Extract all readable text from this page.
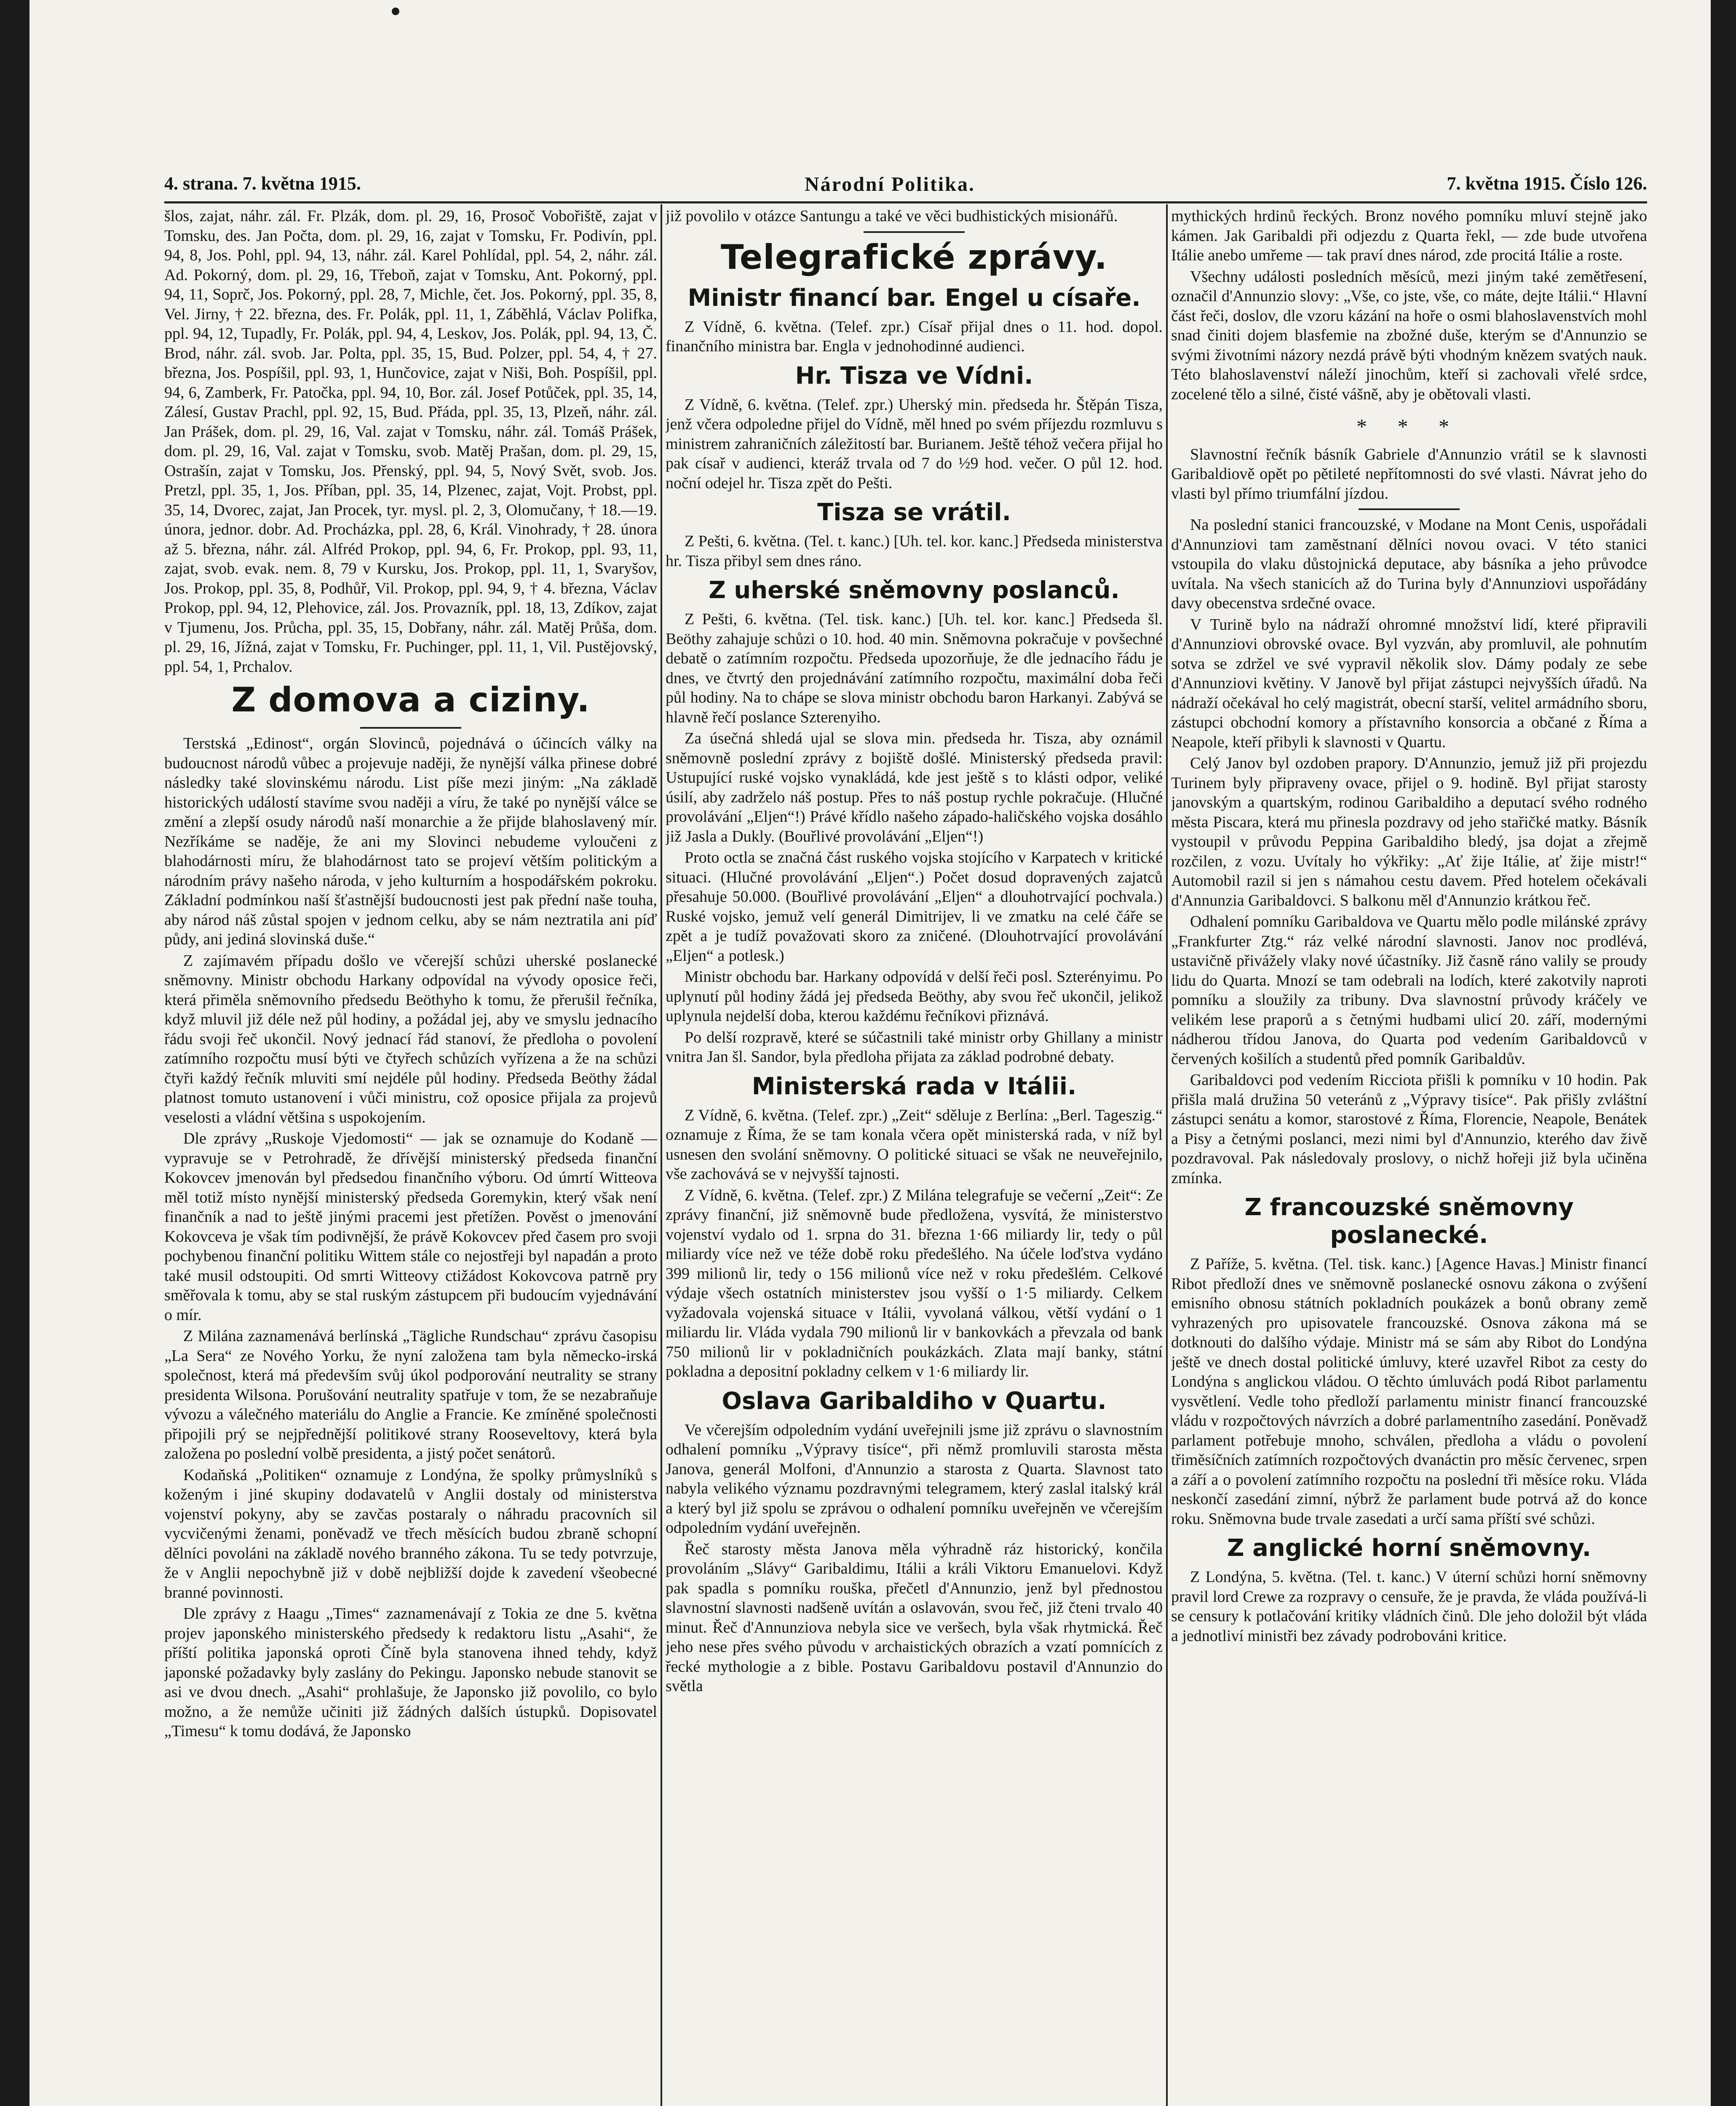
4. strana. 7. května 1915.	Národní Politika.	7. května 1915. Číslo 126.

šlos, zajat, náhr. zál. Fr. Plzák, dom. pl. 29, 16, Prosoč Vobořiště, zajat v Tomsku, des. Jan Počta, dom. pl. 29, 16, zajat v Tomsku, Fr. Podivín, ppl. 94, 8, Jos. Pohl, ppl. 94, 13, náhr. zál. Karel Pohlídal, ppl. 54, 2, náhr. zál. Ad. Pokorný, dom. pl. 29, 16, Třeboň, zajat v Tomsku, Ant. Pokorný, ppl. 94, 11, Soprč, Jos. Pokorný, ppl. 28, 7, Michle, čet. Jos. Pokorný, ppl. 35, 8, Vel. Jirny, † 22. března, des. Fr. Polák, ppl. 11, 1, Záběhlá, Václav Polifka, ppl. 94, 12, Tupadly, Fr. Polák, ppl. 94, 4, Leskov, Jos. Polák, ppl. 94, 13, Č. Brod, náhr. zál. svob. Jar. Polta, ppl. 35, 15, Bud. Polzer, ppl. 54, 4, † 27. března, Jos. Pospíšil, ppl. 93, 1, Hunčovice, zajat v Niši, Boh. Pospíšil, ppl. 94, 6, Zamberk, Fr. Patočka, ppl. 94, 10, Bor. zál. Josef Potůček, ppl. 35, 14, Zálesí, Gustav Prachl, ppl. 92, 15, Bud. Přáda, ppl. 35, 13, Plzeň, náhr. zál. Jan Prášek, dom. pl. 29, 16, Val. zajat v Tomsku, náhr. zál. Tomáš Prášek, dom. pl. 29, 16, Val. zajat v Tomsku, svob. Matěj Prašan, dom. pl. 29, 15, Ostrašín, zajat v Tomsku, Jos. Přenský, ppl. 94, 5, Nový Svět, svob. Jos. Pretzl, ppl. 35, 1, Jos. Příban, ppl. 35, 14, Plzenec, zajat, Vojt. Probst, ppl. 35, 14, Dvorec, zajat, Jan Procek, tyr. mysl. pl. 2, 3, Olomučany, † 18.—19. února, jednor. dobr. Ad. Procházka, ppl. 28, 6, Král. Vinohrady, † 28. února až 5. března, náhr. zál. Alfréd Prokop, ppl. 94, 6, Fr. Prokop, ppl. 93, 11, zajat, svob. evak. nem. 8, 79 v Kursku, Jos. Prokop, ppl. 11, 1, Svaryšov, Jos. Prokop, ppl. 35, 8, Podhůř, Vil. Prokop, ppl. 94, 9, † 4. března, Václav Prokop, ppl. 94, 12, Plehovice, zál. Jos. Provazník, ppl. 18, 13, Zdíkov, zajat v Tjumenu, Jos. Průcha, ppl. 35, 15, Dobřany, náhr. zál. Matěj Průša, dom. pl. 29, 16, Jížná, zajat v Tomsku, Fr. Puchinger, ppl. 11, 1, Vil. Pustějovský, ppl. 54, 1, Prchalov.

Z domova a ciziny.

Terstská „Edinost“, orgán Slovinců, pojednává o účincích války na budoucnost národů vůbec a projevuje naději, že nynější válka přinese dobré následky také slovinskému národu. List píše mezi jiným: „Na základě historických událostí stavíme svou naději a víru, že také po nynější válce se změní a zlepší osudy národů naší monarchie a že přijde blahoslavený mír. Nezříkáme se naděje, že ani my Slovinci nebudeme vyloučeni z blahodárnosti míru, že blahodárnost tato se projeví větším politickým a národním právy našeho národa, v jeho kulturním a hospodářském pokroku. Základní podmínkou naší šťastnější budoucnosti jest pak přední naše touha, aby národ náš zůstal spojen v jednom celku, aby se nám neztratila ani píď půdy, ani jediná slovinská duše.“

Z zajímavém případu došlo ve včerejší schůzi uherské poslanecké sněmovny. Ministr obchodu Harkany odpovídal na vývody oposice řeči, která přiměla sněmovního předsedu Beöthyho k tomu, že přerušil řečníka, když mluvil již déle než půl hodiny, a požádal jej, aby ve smyslu jednacího řádu svoji řeč ukončil. Nový jednací řád stanoví, že předloha o povolení zatímního rozpočtu musí býti ve čtyřech schůzích vyřízena a že na schůzi čtyři každý řečník mluviti smí nejdéle půl hodiny. Předseda Beöthy žádal platnost tomuto ustanovení i vůči ministru, což oposice přijala za projevů veselosti a vládní většina s uspokojením.

Dle zprávy „Ruskoje Vjedomosti“ — jak se oznamuje do Kodaně — vypravuje se v Petrohradě, že dřívější ministerský předseda finanční Kokovcev jmenován byl předsedou finančního výboru. Od úmrtí Witteova měl totiž místo nynější ministerský předseda Goremykin, který však není finančník a nad to ještě jinými pracemi jest přetížen. Pověst o jmenování Kokovceva je však tím podivnější, že právě Kokovcev před časem pro svoji pochybenou finanční politiku Wittem stále co nejostřeji byl napadán a proto také musil odstoupiti. Od smrti Witteovy ctižádost Kokovcova patrně pry směřovala k tomu, aby se stal ruským zástupcem při budoucím vyjednávání o mír.

Z Milána zaznamenává berlínská „Tägliche Rundschau“ zprávu časopisu „La Sera“ ze Nového Yorku, že nyní založena tam byla německo-irská společnost, která má především svůj úkol podporování neutrality se strany presidenta Wilsona. Porušování neutrality spatřuje v tom, že se nezabraňuje vývozu a válečného materiálu do Anglie a Francie. Ke zmíněné společnosti připojili prý se nejpřednější politikové strany Rooseveltovy, která byla založena po poslední volbě presidenta, a jistý počet senátorů.

Kodaňská „Politiken“ oznamuje z Londýna, že spolky průmyslníků s koženým i jiné skupiny dodavatelů v Anglii dostaly od ministerstva vojenství pokyny, aby se zavčas postaraly o náhradu pracovních sil vycvičenými ženami, poněvadž ve třech měsících budou zbraně schopní dělníci povoláni na základě nového branného zákona. Tu se tedy potvrzuje, že v Anglii nepochybně již v době nejbližší dojde k zavedení všeobecné branné povinnosti.

Dle zprávy z Haagu „Times“ zaznamenávají z Tokia ze dne 5. května projev japonského ministerského předsedy k redaktoru listu „Asahi“, že příští politika japonská oproti Číně byla stanovena ihned tehdy, když japonské požadavky byly zaslány do Pekingu. Japonsko nebude stanovit se asi ve dvou dnech. „Asahi“ prohlašuje, že Japonsko již povolilo, co bylo možno, a že nemůže učiniti již žádných dalších ústupků. Dopisovatel „Timesu“ k tomu dodává, že Japonsko

již povolilo v otázce Santungu a také ve věci budhistických misionářů.

Telegrafické zprávy.
Ministr financí bar. Engel u císaře.

Z Vídně, 6. května. (Telef. zpr.) Císař přijal dnes o 11. hod. dopol. finančního ministra bar. Engla v jednohodinné audienci.

Hr. Tisza ve Vídni.

Z Vídně, 6. května. (Telef. zpr.) Uherský min. předseda hr. Štěpán Tisza, jenž včera odpoledne přijel do Vídně, měl hned po svém příjezdu rozmluvu s ministrem zahraničních záležitostí bar. Burianem. Ještě téhož večera přijal ho pak císař v audienci, kteráž trvala od 7 do ½9 hod. večer. O půl 12. hod. noční odejel hr. Tisza zpět do Pešti.

Tisza se vrátil.

Z Pešti, 6. května. (Tel. t. kanc.) [Uh. tel. kor. kanc.] Předseda ministerstva hr. Tisza přibyl sem dnes ráno.

Z uherské sněmovny poslanců.

Z Pešti, 6. května. (Tel. tisk. kanc.) [Uh. tel. kor. kanc.] Předseda šl. Beöthy zahajuje schůzi o 10. hod. 40 min. Sněmovna pokračuje v povšechné debatě o zatímním rozpočtu. Předseda upozorňuje, že dle jednacího řádu je dnes, ve čtvrtý den projednávání zatímního rozpočtu, maximální doba řeči půl hodiny. Na to chápe se slova ministr obchodu baron Harkanyi. Zabývá se hlavně řečí poslance Szterenyiho.

Za úsečná shledá ujal se slova min. předseda hr. Tisza, aby oznámil sněmovně poslední zprávy z bojiště došlé. Ministerský předseda pravil: Ustupující ruské vojsko vynakládá, kde jest ještě s to klásti odpor, veliké úsilí, aby zadrželo náš postup. Přes to náš postup rychle pokračuje. (Hlučné provolávání „Eljen“!) Právé křídlo našeho západo-haličského vojska dosáhlo již Jasla a Dukly. (Bouřlivé provolávání „Eljen“!)

Proto octla se značná část ruského vojska stojícího v Karpatech v kritické situaci. (Hlučné provolávání „Eljen“.) Počet dosud dopravených zajatců přesahuje 50.000. (Bouřlivé provolávání „Eljen“ a dlouhotrvající pochvala.) Ruské vojsko, jemuž velí generál Dimitrijev, li ve zmatku na celé čáře se zpět a je tudíž považovati skoro za zničené. (Dlouhotrvající provolávání „Eljen“ a potlesk.)

Ministr obchodu bar. Harkany odpovídá v delší řeči posl. Szterényimu. Po uplynutí půl hodiny žádá jej předseda Beöthy, aby svou řeč ukončil, jelikož uplynula nejdelší doba, kterou každému řečníkovi přiznává.

Po delší rozpravě, které se súčastnili také ministr orby Ghillany a ministr vnitra Jan šl. Sandor, byla předloha přijata za základ podrobné debaty.

Ministerská rada v Itálii.

Z Vídně, 6. května. (Telef. zpr.) „Zeit“ sděluje z Berlína: „Berl. Tageszig.“ oznamuje z Říma, že se tam konala včera opět ministerská rada, v níž byl usnesen den svolání sněmovny. O politické situaci se však ne neuveřejnilo, vše zachovává se v nejvyšší tajnosti.

Z Vídně, 6. května. (Telef. zpr.) Z Milána telegrafuje se večerní „Zeit“: Ze zprávy finanční, již sněmovně bude předložena, vysvítá, že ministerstvo vojenství vydalo od 1. srpna do 31. března 1·66 miliardy lir, tedy o půl miliardy více než ve téže době roku předešlého. Na účele loďstva vydáno 399 milionů lir, tedy o 156 milionů více než v roku předešlém. Celkové výdaje všech ostatních ministerstev jsou vyšší o 1·5 miliardy. Celkem vyžadovala vojenská situace v Itálii, vyvolaná válkou, větší vydání o 1 miliardu lir. Vláda vydala 790 milionů lir v bankovkách a převzala od bank 750 milionů lir v pokladničních poukázkách. Zlata mají banky, státní pokladna a depositní pokladny celkem v 1·6 miliardy lir.

Oslava Garibaldiho v Quartu.

Ve včerejším odpoledním vydání uveřejnili jsme již zprávu o slavnostním odhalení pomníku „Výpravy tisíce“, při němž promluvili starosta města Janova, generál Molfoni, d'Annunzio a starosta z Quarta. Slavnost tato nabyla velikého významu pozdravnými telegramem, který zaslal italský král a který byl již spolu se zprávou o odhalení pomníku uveřejněn ve včerejším odpoledním vydání uveřejněn.

Řeč starosty města Janova měla výhradně ráz historický, končila provoláním „Slávy“ Garibaldimu, Itálii a králi Viktoru Emanuelovi. Když pak spadla s pomníku rouška, přečetl d'Annunzio, jenž byl přednostou slavnostní slavnosti nadšeně uvítán a oslavován, svou řeč, již čteni trvalo 40 minut. Řeč d'Annunziova nebyla sice ve veršech, byla však rhytmická. Řeč jeho nese přes svého původu v archaistických obrazích a vzatí pomnících z řecké mythologie a z bible. Postavu Garibaldovu postavil d'Annunzio do světla

mythických hrdinů řeckých. Bronz nového pomníku mluví stejně jako kámen. Jak Garibaldi při odjezdu z Quarta řekl, — zde bude utvořena Itálie anebo umřeme — tak praví dnes národ, zde procitá Itálie a roste.

Všechny události posledních měsíců, mezi jiným také zemětřesení, označil d'Annunzio slovy: „Vše, co jste, vše, co máte, dejte Itálii.“ Hlavní část řeči, doslov, dle vzoru kázání na hoře o osmi blahoslavenstvích mohl snad činiti dojem blasfemie na zbožné duše, kterým se d'Annunzio se svými životními názory nezdá právě býti vhodným knězem svatých nauk. Této blahoslavenství náleží jinochům, kteří si zachovali vřelé srdce, zocelené tělo a silné, čisté vášně, aby je obětovali vlasti.

* * *

Slavnostní řečník básník Gabriele d'Annunzio vrátil se k slavnosti Garibaldiově opět po pětileté nepřítomnosti do své vlasti. Návrat jeho do vlasti byl přímo triumfální jízdou.

Na poslední stanici francouzské, v Modane na Mont Cenis, uspořádali d'Annunziovi tam zaměstnaní dělníci novou ovaci. V této stanici vstoupila do vlaku důstojnická deputace, aby básníka a jeho průvodce uvítala. Na všech stanicích až do Turina byly d'Annunziovi uspořádány davy obecenstva srdečné ovace.

V Turině bylo na nádraží ohromné množství lidí, které připravili d'Annunziovi obrovské ovace. Byl vyzván, aby promluvil, ale pohnutím sotva se zdržel ve své vypravil několik slov. Dámy podaly ze sebe d'Annunziovi květiny. V Janově byl přijat zástupci nejvyšších úřadů. Na nádraží očekával ho celý magistrát, obecní starší, velitel armádního sboru, zástupci obchodní komory a přístavního konsorcia a občané z Říma a Neapole, kteří přibyli k slavnosti v Quartu.

Celý Janov byl ozdoben prapory. D'Annunzio, jemuž již při projezdu Turinem byly připraveny ovace, přijel o 9. hodině. Byl přijat starosty janovským a quartským, rodinou Garibaldiho a deputací svého rodného města Piscara, která mu přinesla pozdravy od jeho stařičké matky. Básník vystoupil v průvodu Peppina Garibaldiho bledý, jsa dojat a zřejmě rozčilen, z vozu. Uvítaly ho výkřiky: „Ať žije Itálie, ať žije mistr!“ Automobil razil si jen s námahou cestu davem. Před hotelem očekávali d'Annunzia Garibaldovci. S balkonu měl d'Annunzio krátkou řeč.

Odhalení pomníku Garibaldova ve Quartu mělo podle milánské zprávy „Frankfurter Ztg.“ ráz velké národní slavnosti. Janov noc prodlévá, ustavičně přivážely vlaky nové účastníky. Již časně ráno valily se proudy lidu do Quarta. Mnozí se tam odebrali na lodích, které zakotvily naproti pomníku a sloužily za tribuny. Dva slavnostní průvody kráčely ve velikém lese praporů a s četnými hudbami ulicí 20. září, modernými nádherou třídou Janova, do Quarta pod vedením Garibaldovců v červených košilích a studentů před pomník Garibaldův.

Garibaldovci pod vedením Ricciota přišli k pomníku v 10 hodin. Pak přišla malá družina 50 veteránů z „Výpravy tisíce“. Pak přišly zvláštní zástupci senátu a komor, starostové z Říma, Florencie, Neapole, Benátek a Pisy a četnými poslanci, mezi nimi byl d'Annunzio, kterého dav živě pozdravoval. Pak následovaly proslovy, o nichž hořeji již byla učiněna zmínka.

Z francouzské sněmovny poslanecké.

Z Paříže, 5. května. (Tel. tisk. kanc.) [Agence Havas.] Ministr financí Ribot předloží dnes ve sněmovně poslanecké osnovu zákona o zvýšení emisního obnosu státních pokladních poukázek a bonů obrany země vyhrazených pro upisovatele francouzské. Osnova zákona má se dotknouti do dalšího výdaje. Ministr má se sám aby Ribot do Londýna ještě ve dnech dostal politické úmluvy, které uzavřel Ribot za cesty do Londýna s anglickou vládou. O těchto úmluvách podá Ribot parlamentu vysvětlení. Vedle toho předloží parlamentu ministr financí francouzské vládu v rozpočtových návrzích a dobré parlamentního zasedání. Poněvadž parlament potřebuje mnoho, schválen, předloha a vládu o povolení třiměsíčních zatímních rozpočtových dvanáctin pro měsíc červenec, srpen a září a o povolení zatímního rozpočtu na poslední tři měsíce roku. Vláda neskončí zasedání zimní, nýbrž že parlament bude potrvá až do konce roku. Sněmovna bude trvale zasedati a určí sama příští své schůzi.

Z anglické horní sněmovny.

Z Londýna, 5. května. (Tel. t. kanc.) V úterní schůzi horní sněmovny pravil lord Crewe za rozpravy o censuře, že je pravda, že vláda používá-li se censury k potlačování kritiky vládních činů. Dle jeho doložil být vláda a jednotliví ministři bez závady podrobováni kritice.
